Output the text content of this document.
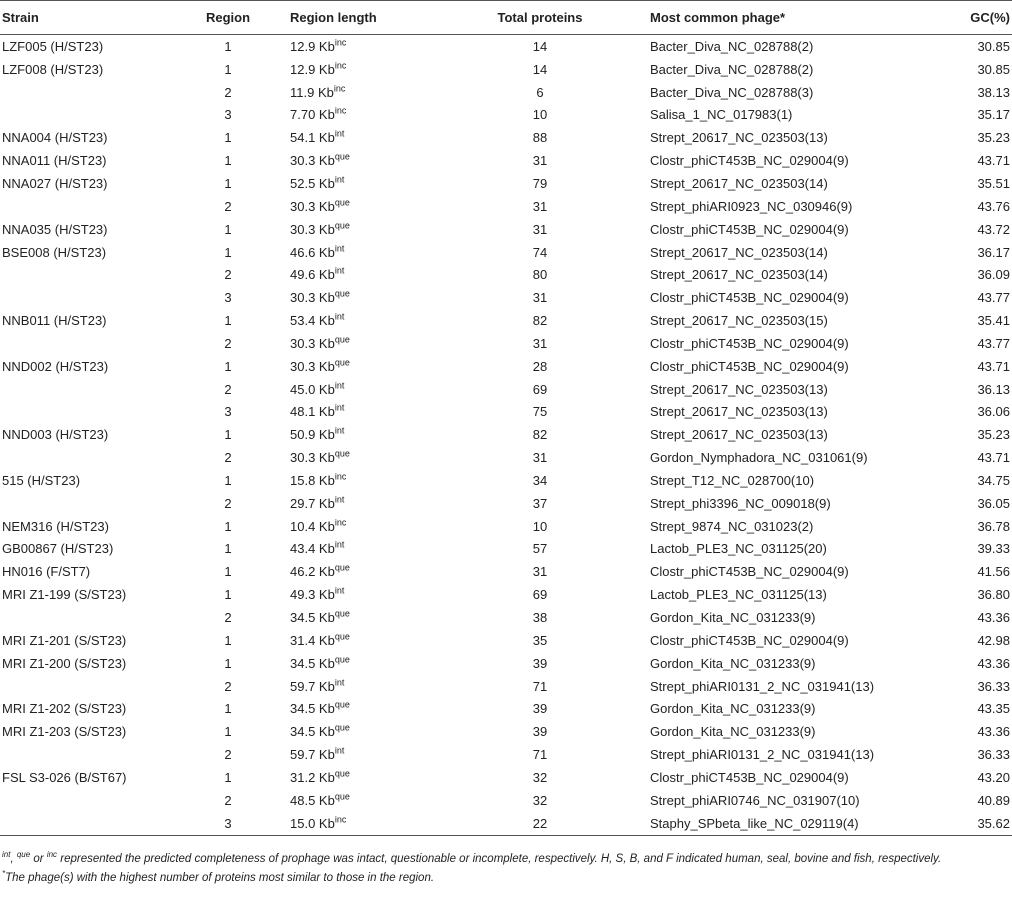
Strain	Region	Region length	Total proteins	Most common phage*	GC(%)
LZF005 (H/ST23)	1	12.9 $Kb^{inc}$	14	Bacter_Diva_NC_028788(2)	30.85
LZF008 (H/ST23)	1	12.9 $Kb^{inc}$	14	Bacter_Diva_NC_028788(2)	30.85
	2	11.9 $Kb^{inc}$	6	Bacter_Diva_NC_028788(3)	38.13
	3	7.70 $Kb^{inc}$	10	Salisa_1_NC_017983(1)	35.17
NNA004 (H/ST23)	1	54.1 $Kb^{int}$	88	Strept_20617_NC_023503(13)	35.23
NNA011 (H/ST23)	1	30.3 $Kb^{que}$	31	Clostr_phiCT453B_NC_029004(9)	43.71
NNA027 (H/ST23)	1	52.5 $Kb^{int}$	79	Strept_20617_NC_023503(14)	35.51
	2	30.3 $Kb^{que}$	31	Strept_phiARI0923_NC_030946(9)	43.76
NNA035 (H/ST23)	1	30.3 $Kb^{que}$	31	Clostr_phiCT453B_NC_029004(9)	43.72
BSE008 (H/ST23)	1	46.6 $Kb^{int}$	74	Strept_20617_NC_023503(14)	36.17
	2	49.6 $Kb^{int}$	80	Strept_20617_NC_023503(14)	36.09
	3	30.3 $Kb^{que}$	31	Clostr_phiCT453B_NC_029004(9)	43.77
NNB011 (H/ST23)	1	53.4 $Kb^{int}$	82	Strept_20617_NC_023503(15)	35.41
	2	30.3 $Kb^{que}$	31	Clostr_phiCT453B_NC_029004(9)	43.77
NND002 (H/ST23)	1	30.3 $Kb^{que}$	28	Clostr_phiCT453B_NC_029004(9)	43.71
	2	45.0 $Kb^{int}$	69	Strept_20617_NC_023503(13)	36.13
	3	48.1 $Kb^{int}$	75	Strept_20617_NC_023503(13)	36.06
NND003 (H/ST23)	1	50.9 $Kb^{int}$	82	Strept_20617_NC_023503(13)	35.23
	2	30.3 $Kb^{que}$	31	Gordon_Nymphadora_NC_031061(9)	43.71
515 (H/ST23)	1	15.8 $Kb^{inc}$	34	Strept_T12_NC_028700(10)	34.75
	2	29.7 $Kb^{int}$	37	Strept_phi3396_NC_009018(9)	36.05
NEM316 (H/ST23)	1	10.4 $Kb^{inc}$	10	Strept_9874_NC_031023(2)	36.78
GB00867 (H/ST23)	1	43.4 $Kb^{int}$	57	Lactob_PLE3_NC_031125(20)	39.33
HN016 (F/ST7)	1	46.2 $Kb^{que}$	31	Clostr_phiCT453B_NC_029004(9)	41.56
MRI Z1-199 (S/ST23)	1	49.3 $Kb^{int}$	69	Lactob_PLE3_NC_031125(13)	36.80
	2	34.5 $Kb^{que}$	38	Gordon_Kita_NC_031233(9)	43.36
MRI Z1-201 (S/ST23)	1	31.4 $Kb^{que}$	35	Clostr_phiCT453B_NC_029004(9)	42.98
MRI Z1-200 (S/ST23)	1	34.5 $Kb^{que}$	39	Gordon_Kita_NC_031233(9)	43.36
	2	59.7 $Kb^{int}$	71	Strept_phiARI0131_2_NC_031941(13)	36.33
MRI Z1-202 (S/ST23)	1	34.5 $Kb^{que}$	39	Gordon_Kita_NC_031233(9)	43.35
MRI Z1-203 (S/ST23)	1	34.5 $Kb^{que}$	39	Gordon_Kita_NC_031233(9)	43.36
	2	59.7 $Kb^{int}$	71	Strept_phiARI0131_2_NC_031941(13)	36.33
FSL S3-026 (B/ST67)	1	31.2 $Kb^{que}$	32	Clostr_phiCT453B_NC_029004(9)	43.20
	2	48.5 $Kb^{que}$	32	Strept_phiARI0746_NC_031907(10)	40.89
	3	15.0 $Kb^{inc}$	22	Staphy_SPbeta_like_NC_029119(4)	35.62
$^{int}$, $^{que}$ or $^{inc}$ represented the predicted completeness of prophage was intact, questionable or incomplete, respectively. H, S, B, and F indicated human, seal, bovine and fish, respectively.
*The phage(s) with the highest number of proteins most similar to those in the region.
